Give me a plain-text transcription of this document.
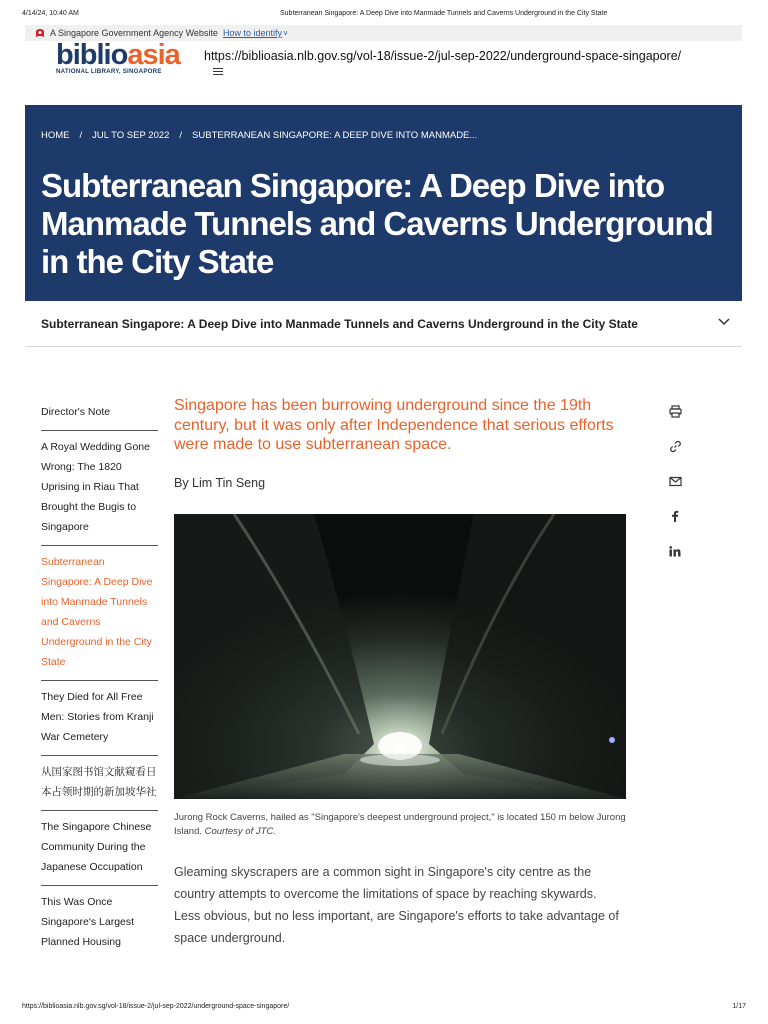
4/14/24, 10:40 AM	Subterranean Singapore: A Deep Dive into Manmade Tunnels and Caverns Underground in the City State
A Singapore Government Agency Website How to identify ∨
biblioasia
NATIONAL LIBRARY, SINGAPORE
https://biblioasia.nlb.gov.sg/vol-18/issue-2/jul-sep-2022/underground-space-singapore/
HOME / JUL TO SEP 2022 / SUBTERRANEAN SINGAPORE: A DEEP DIVE INTO MANMADE...
Subterranean Singapore: A Deep Dive into Manmade Tunnels and Caverns Underground in the City State
Subterranean Singapore: A Deep Dive into Manmade Tunnels and Caverns Underground in the City State
Director's Note
A Royal Wedding Gone Wrong: The 1820 Uprising in Riau That Brought the Bugis to Singapore
Subterranean Singapore: A Deep Dive into Manmade Tunnels and Caverns Underground in the City State
They Died for All Free Men: Stories from Kranji War Cemetery
从国家图书馆文献窥看日本占领时期的新加坡华社
The Singapore Chinese Community During the Japanese Occupation
This Was Once Singapore's Largest Planned Housing

Singapore has been burrowing underground since the 19th century, but it was only after Independence that serious efforts were made to use subterranean space.

By Lim Tin Seng

Jurong Rock Caverns, hailed as "Singapore's deepest underground project," is located 150 m below Jurong Island. Courtesy of JTC.

Gleaming skyscrapers are a common sight in Singapore's city centre as the country attempts to overcome the limitations of space by reaching skywards. Less obvious, but no less important, are Singapore's efforts to take advantage of space underground.

https://biblioasia.nlb.gov.sg/vol-18/issue-2/jul-sep-2022/underground-space-singapore/	1/17
